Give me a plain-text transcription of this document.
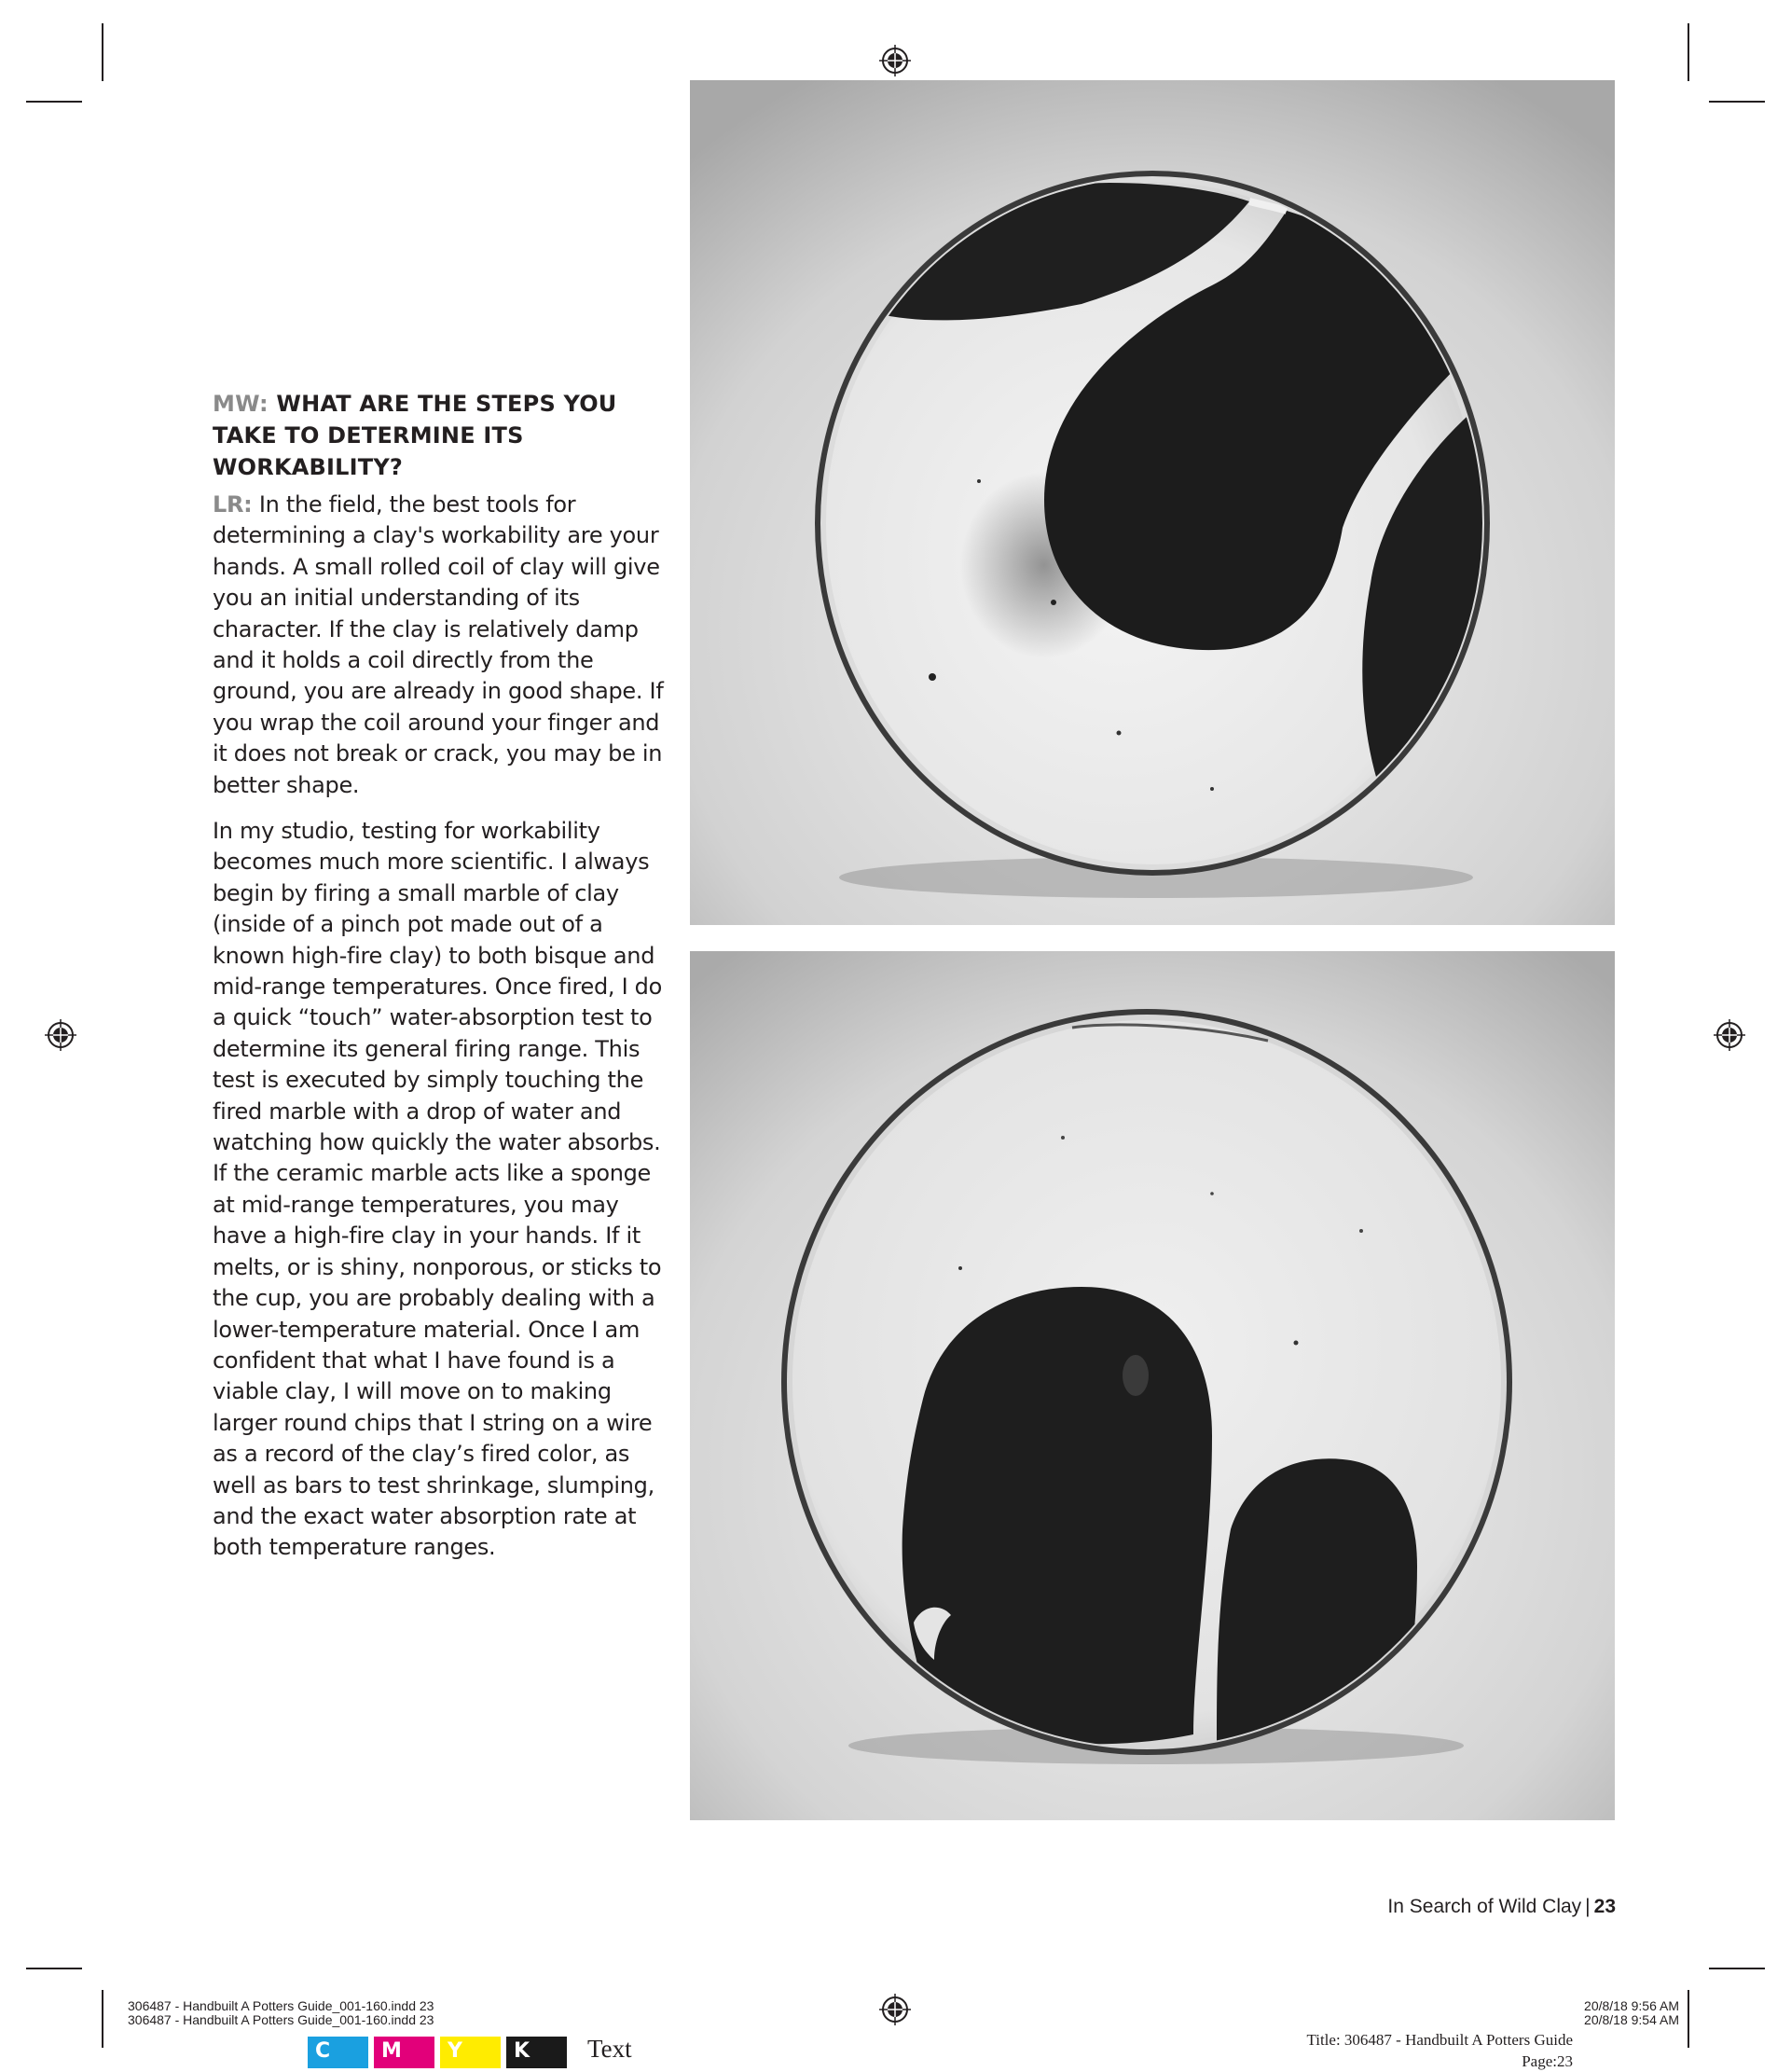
MW: WHAT ARE THE STEPS YOU TAKE TO DETERMINE ITS WORKABILITY?
LR: In the field, the best tools for determining a clay's workability are your hands. A small rolled coil of clay will give you an initial understanding of its character. If the clay is relatively damp and it holds a coil directly from the ground, you are already in good shape. If you wrap the coil around your finger and it does not break or crack, you may be in better shape.
In my studio, testing for workability becomes much more scientific. I always begin by firing a small marble of clay (inside of a pinch pot made out of a known high-fire clay) to both bisque and mid-range temperatures. Once fired, I do a quick “touch” water-absorption test to determine its general firing range. This test is executed by simply touching the fired marble with a drop of water and watching how quickly the water absorbs. If the ceramic marble acts like a sponge at mid-range temperatures, you may have a high-fire clay in your hands. If it melts, or is shiny, nonporous, or sticks to the cup, you are probably dealing with a lower-temperature material. Once I am confident that what I have found is a viable clay, I will move on to making larger round chips that I string on a wire as a record of the clay’s fired color, as well as bars to test shrinkage, slumping, and the exact water absorption rate at both temperature ranges.
In Search of Wild Clay | 23
306487 - Handbuilt A Potters Guide_001-160.indd 23
306487 - Handbuilt A Potters Guide_001-160.indd 23
20/8/18 9:56 AM
20/8/18 9:54 AM
Title: 306487 - Handbuilt A Potters Guide
Page:23
C M Y	K Text
